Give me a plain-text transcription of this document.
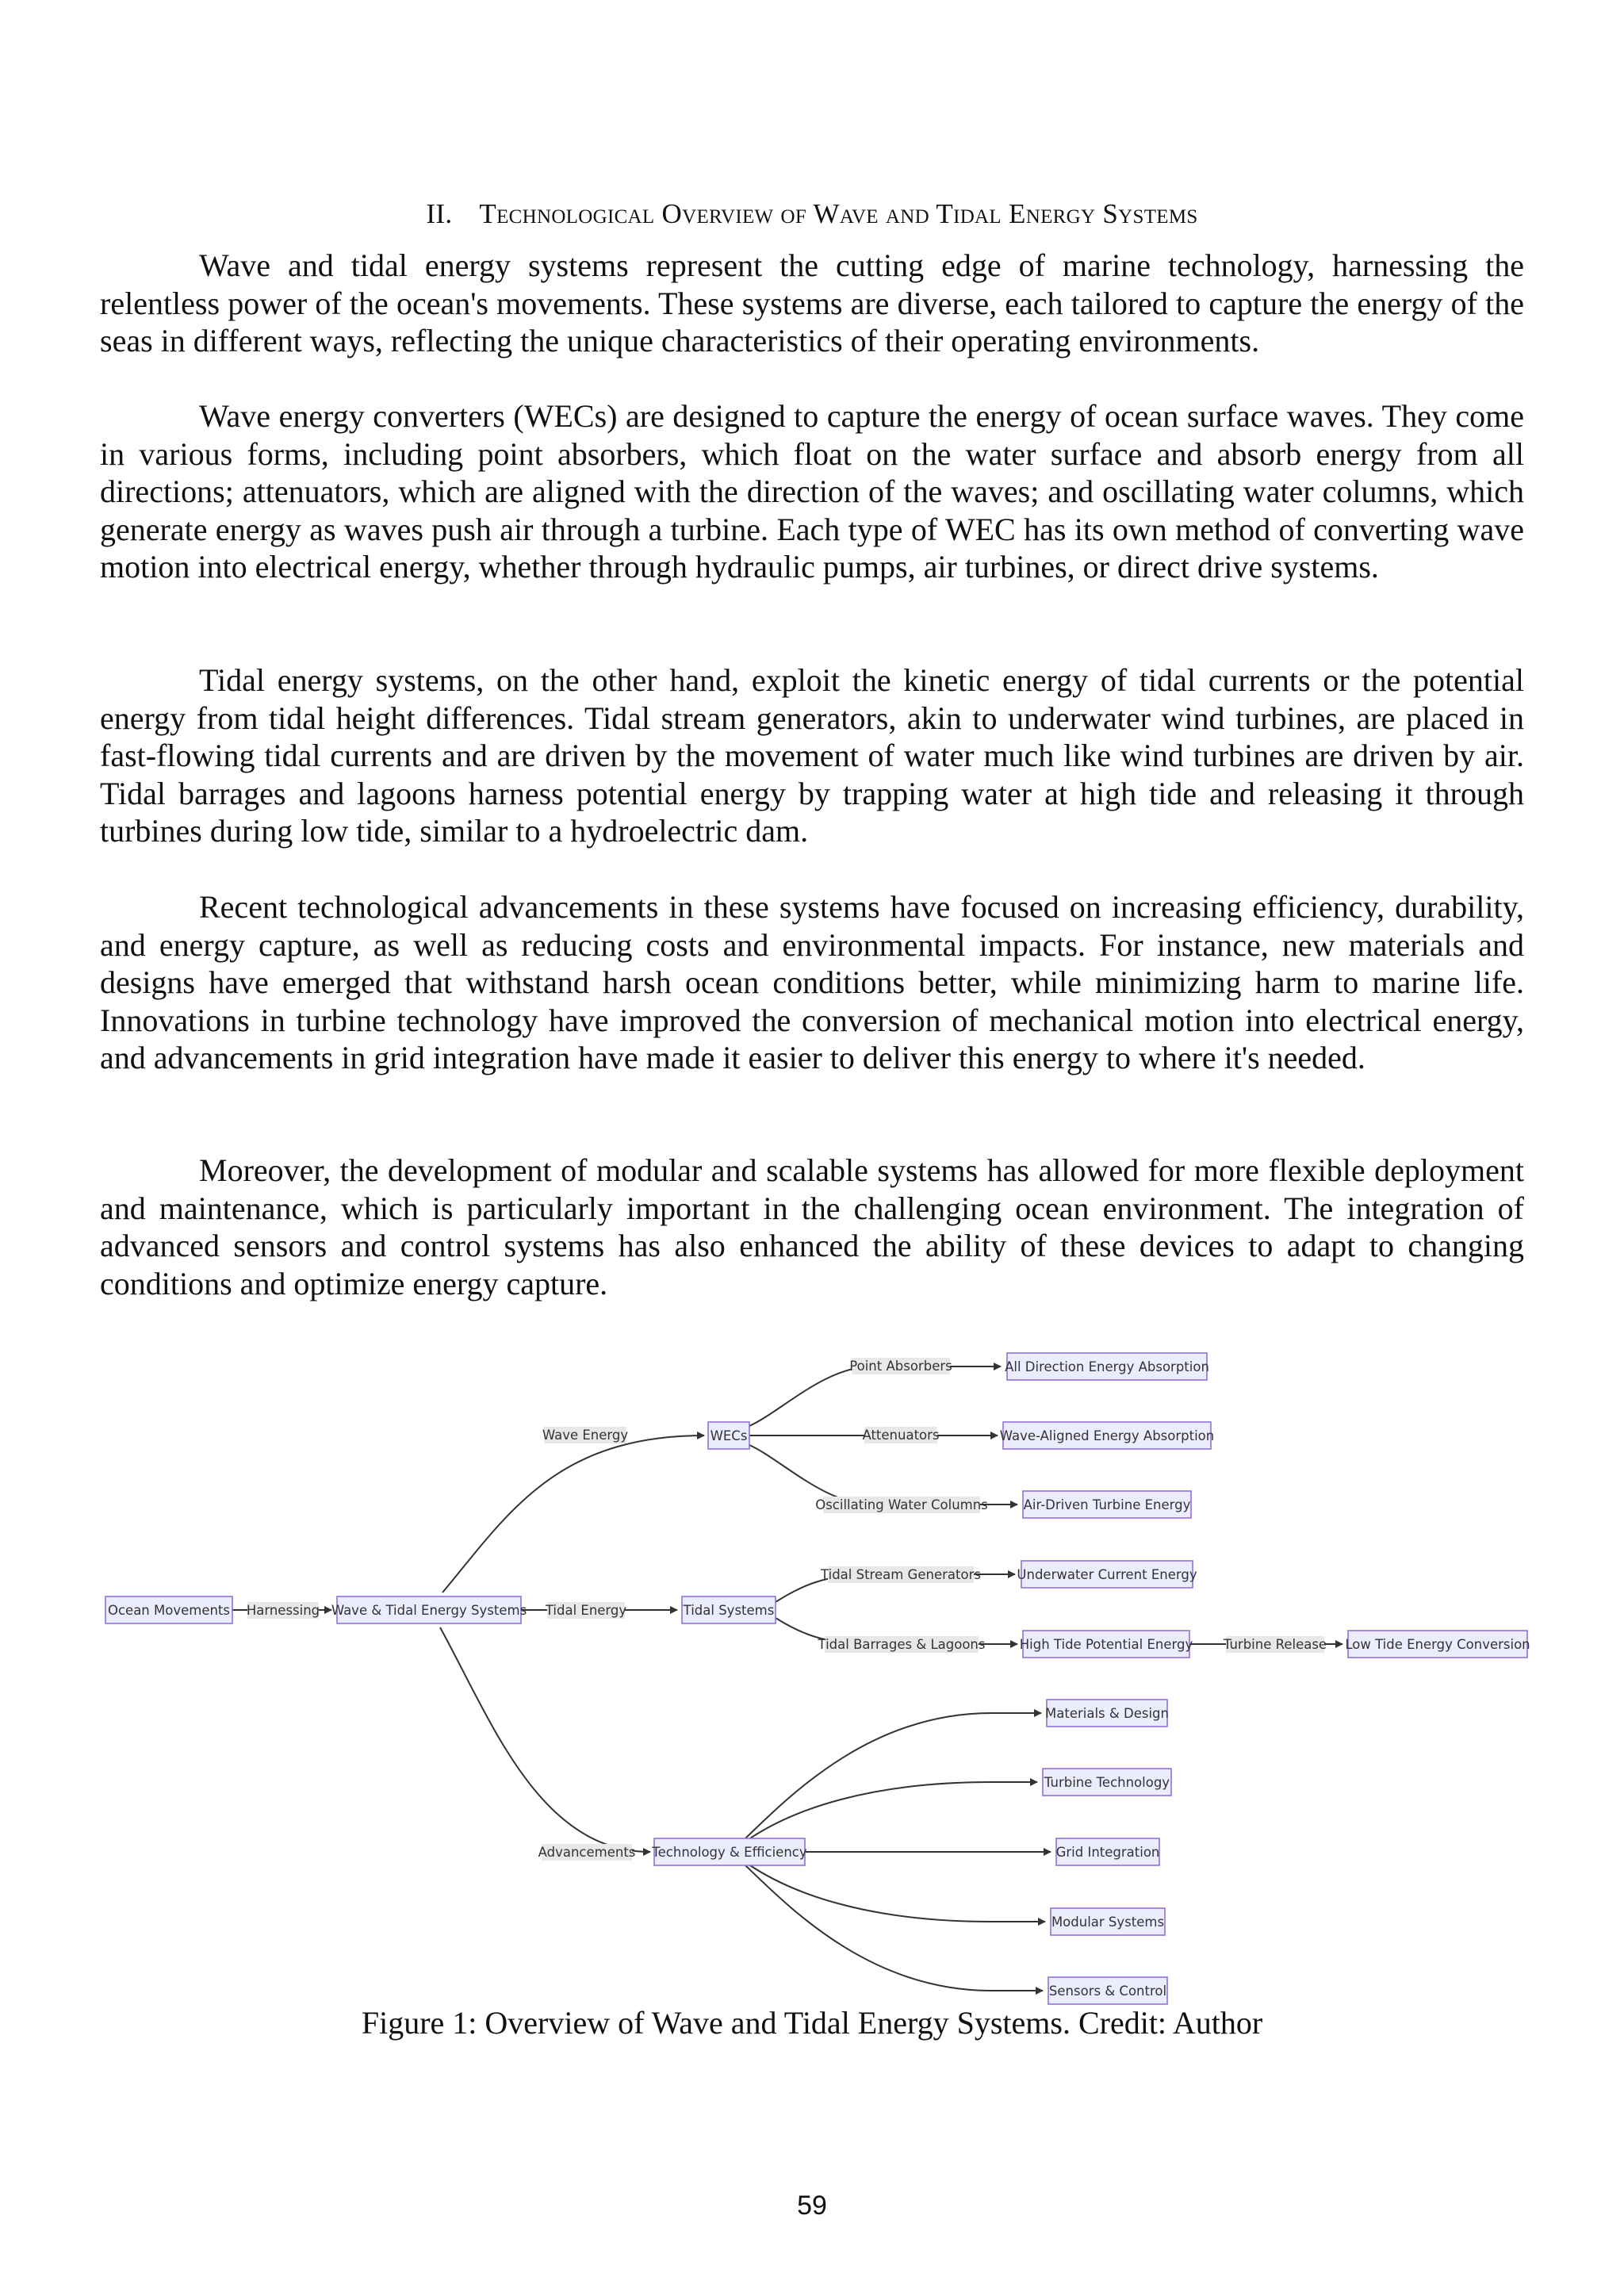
II. Technological Overview of Wave and Tidal Energy Systems

Wave and tidal energy systems represent the cutting edge of marine technology, harnessing the relentless power of the ocean's movements. These systems are diverse, each tailored to capture the energy of the seas in different ways, reflecting the unique characteristics of their operating environments.

Wave energy converters (WECs) are designed to capture the energy of ocean surface waves. They come in various forms, including point absorbers, which float on the water surface and absorb energy from all directions; attenuators, which are aligned with the direction of the waves; and oscillating water columns, which generate energy as waves push air through a turbine. Each type of WEC has its own method of converting wave motion into electrical energy, whether through hydraulic pumps, air turbines, or direct drive systems.

Tidal energy systems, on the other hand, exploit the kinetic energy of tidal currents or the potential energy from tidal height differences. Tidal stream generators, akin to underwater wind turbines, are placed in fast-flowing tidal currents and are driven by the movement of water much like wind turbines are driven by air. Tidal barrages and lagoons harness potential energy by trapping water at high tide and releasing it through turbines during low tide, similar to a hydroelectric dam.

Recent technological advancements in these systems have focused on increasing efficiency, durability, and energy capture, as well as reducing costs and environmental impacts. For instance, new materials and designs have emerged that withstand harsh ocean conditions better, while minimizing harm to marine life. Innovations in turbine technology have improved the conversion of mechanical motion into electrical energy, and advancements in grid integration have made it easier to deliver this energy to where it's needed.

Moreover, the development of modular and scalable systems has allowed for more flexible deployment and maintenance, which is particularly important in the challenging ocean environment. The integration of advanced sensors and control systems has also enhanced the ability of these devices to adapt to changing conditions and optimize energy capture.

Harnessing
Wave Energy
Tidal Energy
Advancements
Point Absorbers
Attenuators
Oscillating Water Columns
Tidal Stream Generators
Tidal Barrages & Lagoons	Turbine Release
Ocean Movements	Wave & Tidal Energy Systems
WECs
Tidal Systems
Technology & Efficiency
All Direction Energy Absorption
Wave-Aligned Energy Absorption
Air-Driven Turbine Energy
Underwater Current Energy
High Tide Potential Energy	Low Tide Energy Conversion
Materials & Design
Turbine Technology
Grid Integration
Modular Systems
Sensors & Control
Figure 1: Overview of Wave and Tidal Energy Systems. Credit: Author
59
